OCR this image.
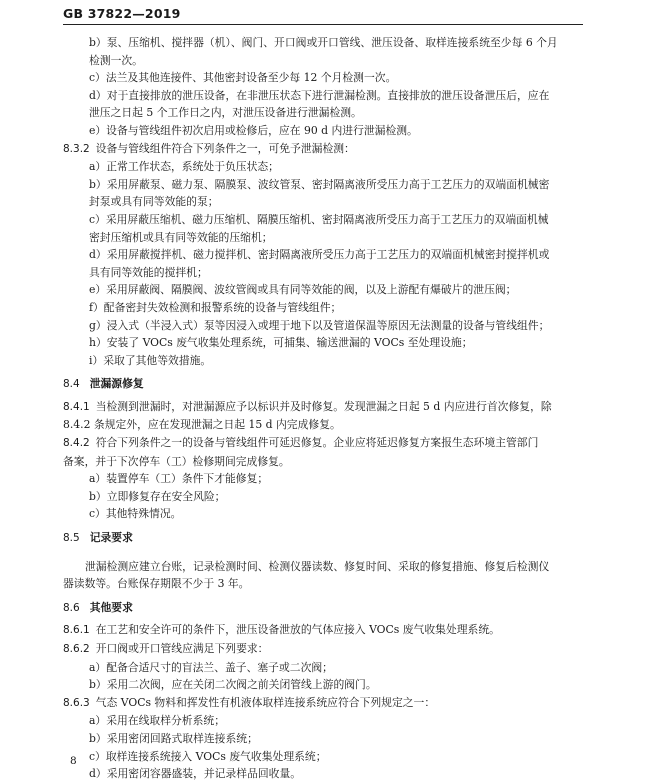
GB 37822—2019

b）泵、压缩机、搅拌器（机）、阀门、开口阀或开口管线、泄压设备、取样连接系统至少每 6 个月

检测一次。

c）法兰及其他连接件、其他密封设备至少每 12 个月检测一次。

d）对于直接排放的泄压设备，在非泄压状态下进行泄漏检测。直接排放的泄压设备泄压后，应在

泄压之日起 5 个工作日之内，对泄压设备进行泄漏检测。

e）设备与管线组件初次启用或检修后，应在 90 d 内进行泄漏检测。

8.3.2 设备与管线组件符合下列条件之一，可免予泄漏检测：

a）正常工作状态，系统处于负压状态；

b）采用屏蔽泵、磁力泵、隔膜泵、波纹管泵、密封隔离液所受压力高于工艺压力的双端面机械密

封泵或具有同等效能的泵；

c）采用屏蔽压缩机、磁力压缩机、隔膜压缩机、密封隔离液所受压力高于工艺压力的双端面机械

密封压缩机或具有同等效能的压缩机；

d）采用屏蔽搅拌机、磁力搅拌机、密封隔离液所受压力高于工艺压力的双端面机械密封搅拌机或

具有同等效能的搅拌机；

e）采用屏蔽阀、隔膜阀、波纹管阀或具有同等效能的阀，以及上游配有爆破片的泄压阀；

f）配备密封失效检测和报警系统的设备与管线组件；

g）浸入式（半浸入式）泵等因浸入或埋于地下以及管道保温等原因无法测量的设备与管线组件；

h）安装了 VOCs 废气收集处理系统，可捕集、输送泄漏的 VOCs 至处理设施；

i）采取了其他等效措施。

8.4 泄漏源修复

8.4.1 当检测到泄漏时，对泄漏源应予以标识并及时修复。发现泄漏之日起 5 d 内应进行首次修复，除

8.4.2 条规定外，应在发现泄漏之日起 15 d 内完成修复。

8.4.2 符合下列条件之一的设备与管线组件可延迟修复。企业应将延迟修复方案报生态环境主管部门

备案，并于下次停车（工）检修期间完成修复。

a）装置停车（工）条件下才能修复；

b）立即修复存在安全风险；

c）其他特殊情况。

8.5 记录要求

泄漏检测应建立台账，记录检测时间、检测仪器读数、修复时间、采取的修复措施、修复后检测仪

器读数等。台账保存期限不少于 3 年。

8.6 其他要求

8.6.1 在工艺和安全许可的条件下，泄压设备泄放的气体应接入 VOCs 废气收集处理系统。

8.6.2 开口阀或开口管线应满足下列要求：

a）配备合适尺寸的盲法兰、盖子、塞子或二次阀；

b）采用二次阀，应在关闭二次阀之前关闭管线上游的阀门。

8.6.3 气态 VOCs 物料和挥发性有机液体取样连接系统应符合下列规定之一：

a）采用在线取样分析系统；

b）采用密闭回路式取样连接系统；

c）取样连接系统接入 VOCs 废气收集处理系统；

d）采用密闭容器盛装，并记录样品回收量。

8
